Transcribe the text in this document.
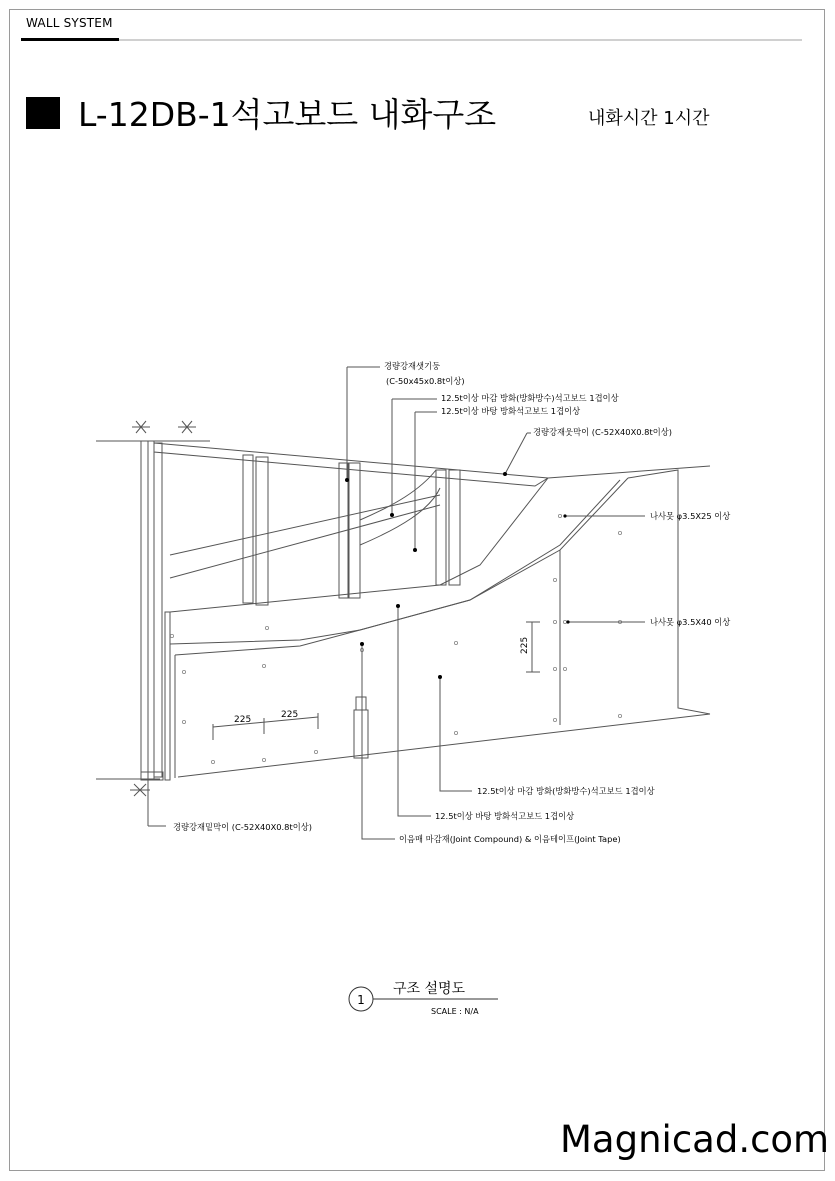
WALL SYSTEM
L-12DB-1석고보드 내화구조	내화시간 1시간
경량강재샛기둥
(C-50x45x0.8t이상)
12.5t이상 마감 방화(방화방수)석고보드 1겹이상
12.5t이상 바탕 방화석고보드 1겹이상
경량강재웃막이 (C-52X40X0.8t이상)
나사못 φ3.5X25 이상
나사못 φ3.5X40 이상
12.5t이상 마감 방화(방화방수)석고보드 1겹이상
12.5t이상 바탕 방화석고보드 1겹이상
이음매 마감재(Joint Compound) & 이음테이프(Joint Tape)
경량강재밑막이 (C-52X40X0.8t이상)
225	225
225
1
구조 설명도
SCALE : N/A
Magnicad.com
